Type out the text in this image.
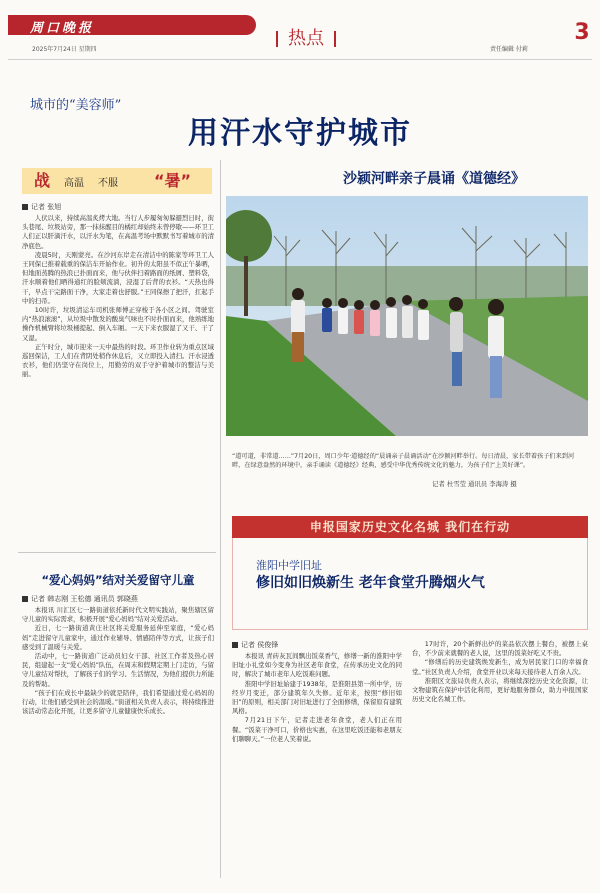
周口晚报
2025年7月24日 星期四
热点
责任编辑 付莉
3
城市的“美容师”
用汗水守护城市
战 高温 不服 “暑”
记者 张旭

人伏以来，持续高温炙烤大地。当行人步履匆匆躲避烈日时，街头巷尾、垃圾站旁，那一抹抹醒目的橘红却始终未曾停歇——环卫工人们正以肝滴汗水，以汗水为笔，在高温考场中默默书写着城市的清净底色。

凌晨5时，天刚蒙亮。在沙河东岸走在清洁中的陈家等环卫工人王同保已推着载重的保洁车开始作业。初升的太阳虽不似正午暴晒，但地面蒸腾的热浪已扑面而来，他与伙伴扫着路面的纸屑、塑料袋，汗水顺着他们晒得通红的脸颊流淌，浸湿了后背的衣衫。“天热也得干，早点干完路面干净，大家走着也舒服。”王同保擦了把汗，扛起手中的扫帚。

10时许，垃圾清运车司机张师傅正穿梭于各小区之间。驾驶室内“热浪滚滚”，从垃圾中散发的酸臭气味也不时扑面而来，他熟练地操作机械臂将垃圾桶提起、倒入车厢。一天下来衣服湿了又干、干了又湿。

正午时分，城市迎来一天中最热的时段。环卫作业转为重点区域巡回保洁，工人们在背阴处稍作休息后，又立即投入清扫。汗水浸透衣衫，他们仍坚守在岗位上，用勤劳的双手守护着城市的整洁与美丽。

沙颍河畔亲子晨诵《道德经》
“道可道，非常道……”7月20日，周口少年·道德经的“晨诵亲子晨诵活动”在沙颍河畔举行。每日清晨，家长带着孩子们来到河畔，在绿意盎然的环境中，亲手诵读《道德经》经典，感受中华优秀传统文化的魅力，为孩子们“上美好课”。
记者 杜雪莹 通讯员 李海涛 摄
“爱心妈妈”结对关爱留守儿童
记者 韩志刚 王松德 通讯员 郭晓燕

本报讯 川汇区七一路街道依托新时代文明实践站，聚焦辖区留守儿童的实际需求，积极开展“爱心妈妈”结对关爱活动。

近日，七一路街道黄庄社区将关爱服务延伸至家庭，“爱心妈妈”走进留守儿童家中，通过作业辅导、情感陪伴等方式，让孩子们感受到了温暖与关爱。

活动中，七一路街道广泛动员妇女干部、社区工作者及热心居民，组建起一支“爱心妈妈”队伍，在周末和假期定期上门走访，与留守儿童结对帮扶，了解孩子们的学习、生活情况，为他们提供力所能及的帮助。

“孩子们在成长中最缺少的就是陪伴，我们希望通过爱心妈妈的行动，让他们感受到社会的温暖。”街道相关负责人表示，将持续推进该活动常态化开展，让更多留守儿童健康快乐成长。

申报国家历史文化名城 我们在行动
淮阳中学旧址
修旧如旧焕新生 老年食堂升腾烟火气
记者 侯俊锋

本报讯 青砖灰瓦间飘出饭菜香气，修缮一新的淮阳中学旧址小礼堂如今变身为社区老年食堂，在传承历史文化的同时，解决了城市老年人吃饭难问题。

淮阳中学旧址始建于1938年，是淮阳县第一所中学，历经岁月变迁，部分建筑年久失修。近年来，按照“修旧如旧”的原则，相关部门对旧址进行了全面修缮，保留原有建筑风格。

7月21日下午，记者走进老年食堂，老人们正在用餐。“饭菜干净可口，价格也实惠，在这里吃饭还能和老朋友们聊聊天。”一位老人笑着说。

17时许，20个新鲜出炉的菜品依次摆上餐台，被摆上桌台，不少前来就餐的老人说，这里的饭菜好吃又不贵。

“修缮后的历史建筑焕发新生，成为居民家门口的幸福食堂。”社区负责人介绍，食堂开业以来每天接待老人百余人次。

淮阳区文旅局负责人表示，将继续深挖历史文化资源，让文物建筑在保护中活化利用，更好地服务群众，助力申报国家历史文化名城工作。
